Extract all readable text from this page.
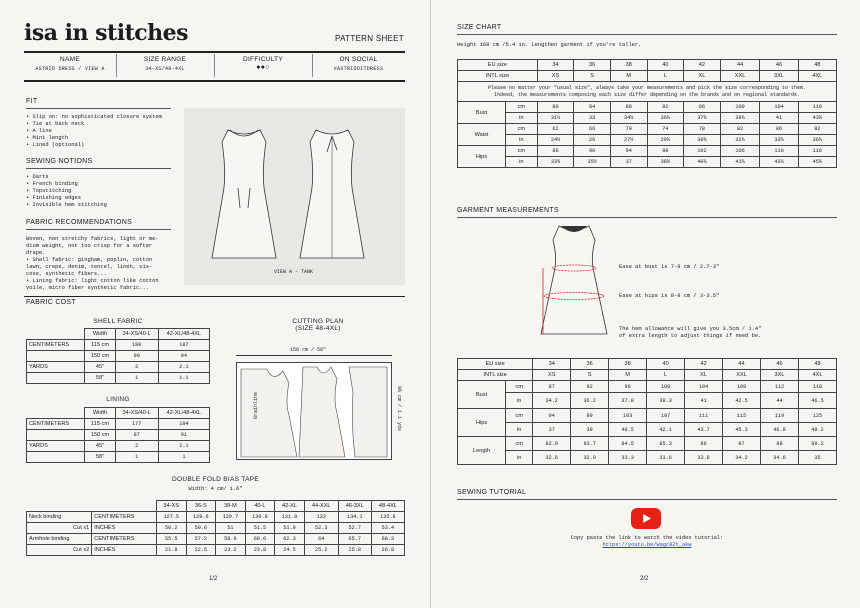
isa in stitches	PATTERN SHEET
NAME
ASTRID DRESS / VIEW A
SIZE RANGE
34-XS/48-4XL
DIFFICULTY
●●○
ON SOCIAL
#ASTRIDDITDRESS
FIT
• Slip on: no sophisticated closure system
• Tie at back neck
• A line
• Mini length
• Lined (optional)
SEWING NOTIONS
• Darts
• French binding
• Topstitching
• Finishing edges
• Invisible hem stitching
FABRIC RECOMMENDATIONS
Woven, non stretchy fabrics, light or me-
dium weight, not too crisp for a softer
drape.
• Shell fabric: gingham, poplin, cotton
lawn, crepe, denim, tencel, linen, vis-
cose, synthetic fibers...
• Lining fabric: light cotton like cotton
voile, micro fiber synthetic fabric...
VIEW A - TANK
FABRIC COST
SHELL FABRIC
	Width	34-XS/40-L	42-XL/48-4XL
CENTIMETERS	115 cm	180	187
	150 cm	90	94
YARDS	45"	2	2.1
	58"	1	1.1
LINING
	Width	34-XS/40-L	42-XL/48-4XL
CENTIMETERS	115 cm	177	184
	150 cm	87	91
YARDS	45"	2	2.1
	58"	1	1
CUTTING PLAN
(SIZE 48-4XL)
150 cm / 58"
Grainline	96 cm / 1.1 yds
DOUBLE FOLD BIAS TAPE
Width: 4 cm/ 1.6"
		34-XS	36-S	38-M	40-L	42-XL	44-XXL	46-3XL	48-4XL
Neck binding	CENTIMETERS	127.5	128.6	129.7	130.8	131.9	133	134.1	135.8
Cut x1	INCHES	50.2	50.6	51	51.5	51.9	52.3	52.7	53.4
Armhole binding	CENTIMETERS	55.5	57.2	58.9	60.6	62.3	64	65.7	68.3
Cut x2	INCHES	21.8	22.5	23.2	23.8	24.5	25.2	25.8	26.8
1/2
SIZE CHART
Height 168 cm /5.4 in. Lengthen garment if you're taller.
EU size		34	36	38	40	42	44	46	48
INTL size		XS	S	M	L	XL	XXL	3XL	4XL
Please no matter your "usual size", always take your measurements and pick the size corresponding to them.
Indeed, the measurements composing each size differ depending on the brands and on regional standards.									
Bust	cm	80	84	88	92	96	100	104	110
	in	31½	33	34½	36¼	37¾	39¼	41	43¾
Waist	cm	62	66	70	74	78	82	86	92
	in	24½	26	27½	29¼	30¾	32¼	33¾	36¼
Hips	cm	86	90	94	98	102	106	110	116
	in	33¾	35½	37	38½	40¼	41¾	43¼	45¾
GARMENT MEASUREMENTS
Ease at bust is 7-8 cm / 2.7-3"
Ease at hips is 8-9 cm / 3-3.5"
The hem allowance will give you 3.5cm / 1.4"
of extra length to adjust things if need be.
EU size		34	36	38	40	42	44	46	48
INTL size		XS	S	M	L	XL	XXL	3XL	4XL
Bust	cm	87	92	96	100	104	108	112	118
	in	34.2	36.2	37.8	39.3	41	42.5	44	46.5
Hips	cm	94	99	103	107	111	115	119	125
	in	37	39	40.5	42.1	43.7	45.3	46.8	49.2
Length	cm	82.9	83.7	84.5	85.3	86	87	88	89.2
	in	32.6	32.9	33.3	33.6	33.8	34.2	34.6	35
SEWING TUTORIAL
Copy paste the link to watch the video tutorial:
https://youtu.be/Wagc8Zt_akw
2/2
